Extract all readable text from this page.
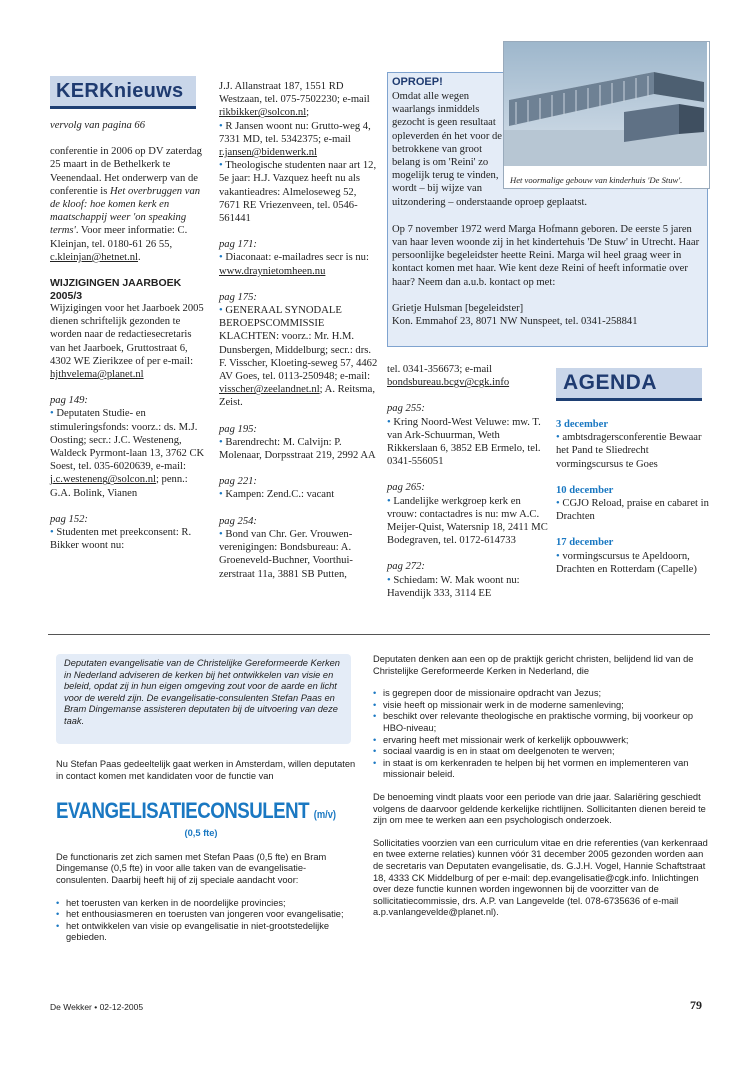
KERKnieuws

vervolg van pagina 66

conferentie in 2006 op DV zaterdag 25 maart in de Bethelkerk te Veenendaal. Het onderwerp van de conferentie is Het overbruggen van de kloof: hoe komen kerk en maatschappij weer 'on speaking terms'. Voor meer informatie: C. Kleinjan, tel. 0180-61 26 55, c.kleinjan@hetnet.nl.

WIJZIGINGEN JAARBOEK 2005/3

Wijzigingen voor het Jaarboek 2005 dienen schriftelijk gezonden te worden naar de redactiesecretaris van het Jaarboek, Gruttostraat 6, 4302 WE Zierikzee of per e-mail: hjthvelema@planet.nl

pag 149:

• Deputaten Studie- en stimuleringsfonds: voorz.: ds. M.J. Oosting; secr.: J.C. Westeneng, Waldeck Pyrmont-laan 13, 3762 CK Soest, tel. 035-6020639, e-mail: j.c.westeneng@solcon.nl; penn.: G.A. Bolink, Vianen

pag 152:

• Studenten met preekconsent: R. Bikker woont nu:

J.J. Allanstraat 187, 1551 RD Westzaan, tel. 075-7502230; e-mail rikbikker@solcon.nl;
• R Jansen woont nu: Grutto-weg 4, 7331 MD, tel. 5342375; e-mail r.jansen@bidenwerk.nl

• Theologische studenten naar art 12, 5e jaar: H.J. Vazquez heeft nu als vakantieadres: Almeloseweg 52, 7671 RE Vriezenveen, tel. 0546-561441

pag 171:

• Diaconaat: e-mailadres secr is nu: www.draynietomheen.nu

pag 175:

• GENERAAL SYNODALE BEROEPSCOMMISSIE KLACHTEN: voorz.: Mr. H.M. Dunsbergen, Middelburg; secr.: drs. F. Visscher, Kloeting-seweg 57, 4462 AV Goes, tel. 0113-250948; e-mail: visscher@zeelandnet.nl; A. Reitsma, Zeist.

pag 195:

• Barendrecht: M. Calvijn: P. Molenaar, Dorpsstraat 219, 2992 AA

pag 221:

• Kampen: Zend.C.: vacant

pag 254:
• Bond van Chr. Ger. Vrouwen-verenigingen: Bondsbureau: A. Groeneveld-Buchner, Voorthui-zerstraat 11a, 3881 SB Putten,
OPROEP!

Omdat alle wegen waarlangs inmiddels gezocht is geen resultaat opleverden én het voor de betrokkene van groot belang is om 'Reini' zo mogelijk terug te vinden, wordt – bij wijze van uitzondering – onderstaande oproep geplaatst.

Op 7 november 1972 werd Marga Hofmann geboren. De eerste 5 jaren van haar leven woonde zij in het kindertehuis 'De Stuw' in Utrecht. Haar persoonlijke begeleidster heette Reini. Marga wil heel graag weer in kontact komen met haar. Wie kent deze Reini of heeft informatie over haar? Neem dan a.u.b. kontact op met:

Grietje Hulsman [begeleidster]
Kon. Emmahof 23, 8071 NW Nunspeet, tel. 0341-258841
Het voormalige gebouw van kinderhuis 'De Stuw'.
tel. 0341-356673; e-mail

bondsbureau.bcgv@cgk.info

pag 255:

• Kring Noord-West Veluwe: mw. T. van Ark-Schuurman, Weth Rikkerslaan 6, 3852 EB Ermelo, tel. 0341-556051

pag 265:

• Landelijke werkgroep kerk en vrouw: contactadres is nu: mw A.C. Meijer-Quist, Watersnip 18, 2411 MC Bodegraven, tel. 0172-614733

pag 272:
• Schiedam: W. Mak woont nu: Havendijk 333, 3114 EE
AGENDA

3 december
• ambtsdragersconferentie Bewaar het Pand te Sliedrecht vormingscursus te Goes

10 december
• CGJO Reload, praise en cabaret in Drachten

17 december
• vormingscursus te Apeldoorn, Drachten en Rotterdam (Capelle)

Deputaten evangelisatie van de Christelijke Gereformeerde Kerken in Nederland adviseren de kerken bij het ontwikkelen van visie en beleid, opdat zij in hun eigen omgeving zout voor de aarde en licht voor de wereld zijn. De evangelisatie-consulenten Stefan Paas en Bram Dingemanse assisteren deputaten bij de uitvoering van deze taak.

Nu Stefan Paas gedeeltelijk gaat werken in Amsterdam, willen deputaten in contact komen met kandidaten voor de functie van

EVANGELISATIECONSULENT (m/v)
(0,5 fte)

De functionaris zet zich samen met Stefan Paas (0,5 fte) en Bram Dingemanse (0,5 fte) in voor alle taken van de evangelisatie-consulenten. Daarbij heeft hij of zij speciale aandacht voor:

• het toerusten van kerken in de noordelijke provincies;
• het enthousiasmeren en toerusten van jongeren voor evangelisatie;
• het ontwikkelen van visie op evangelisatie in niet-grootstedelijke gebieden.

Deputaten denken aan een op de praktijk gericht christen, belijdend lid van de Christelijke Gereformeerde Kerken in Nederland, die

• is gegrepen door de missionaire opdracht van Jezus;
• visie heeft op missionair werk in de moderne samenleving;
• beschikt over relevante theologische en praktische vorming, bij voorkeur op HBO-niveau;
• ervaring heeft met missionair werk of kerkelijk opbouwwerk;
• sociaal vaardig is en in staat om deelgenoten te werven;
• in staat is om kerkenraden te helpen bij het vormen en implementeren van missionair beleid.

De benoeming vindt plaats voor een periode van drie jaar. Salariëring geschiedt volgens de daarvoor geldende kerkelijke richtlijnen. Sollicitanten dienen bereid te zijn om mee te werken aan een psychologisch onderzoek.

Sollicitaties voorzien van een curriculum vitae en drie referenties (van kerkenraad en twee externe relaties) kunnen vóór 31 december 2005 gezonden worden aan de secretaris van Deputaten evangelisatie, ds. G.J.H. Vogel, Hannie Schaftstraat 18, 4333 CK Middelburg of per e-mail: dep.evangelisatie@cgk.info. Inlichtingen over deze functie kunnen worden ingewonnen bij de voorzitter van de sollicitatiecommissie, drs. A.P. van Langevelde (tel. 078-6735636 of e-mail a.p.vanlangevelde@planet.nl).

De Wekker • 02-12-2005	79
